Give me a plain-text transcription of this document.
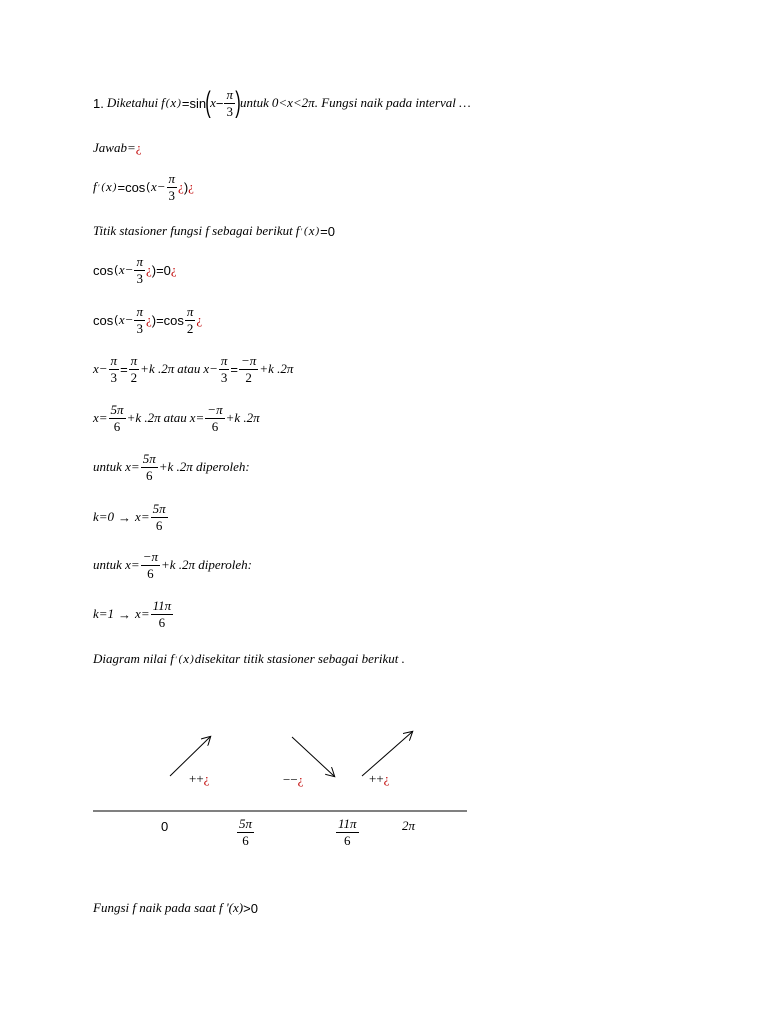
1. Diketahui f ( x ) = sin ( $x - \frac{\pi}{3}$ ) untuk 0<x<2π . Fungsi naik pada interval …
Jawab= ¿
f ' ( x ) = cos ( $x- \frac{\pi}{3}$ ¿ ) ¿
Titik stasioner fungsi f sebagai berikut f ' ( x ) =0
cos ( $x- \frac{\pi}{3}$ ¿ )=0 ¿
cos ( $x- \frac{\pi}{3}$ ¿ )$=\cos \frac{\pi}{2}$ ¿
$x- \frac{\pi}{3} = \frac{\pi}{2} +k$ .2π atau $x- \frac{\pi}{3} = \frac{-\pi}{2} +k$ .2π
$x= \frac{5\pi}{6} +k$ .2π atau $x= \frac{-\pi}{6} +k$ .2π
untuk $x= \frac{5\pi}{6} +k$ .2π diperoleh:
$k=0 \to x= \frac{5\pi}{6}$
untuk $x= \frac{-\pi}{6} +k$ .2π diperoleh:
$k=1 \to x= \frac{11\pi}{6}$
Diagram nilai f ' ( x ) disekitar titik stasioner sebagai berikut .
++¿	−−¿	++¿
0	$\frac{5\pi}{6}$	$\frac{11\pi}{6}$	2π
Fungsi f naik pada saat f ' (x) >0
